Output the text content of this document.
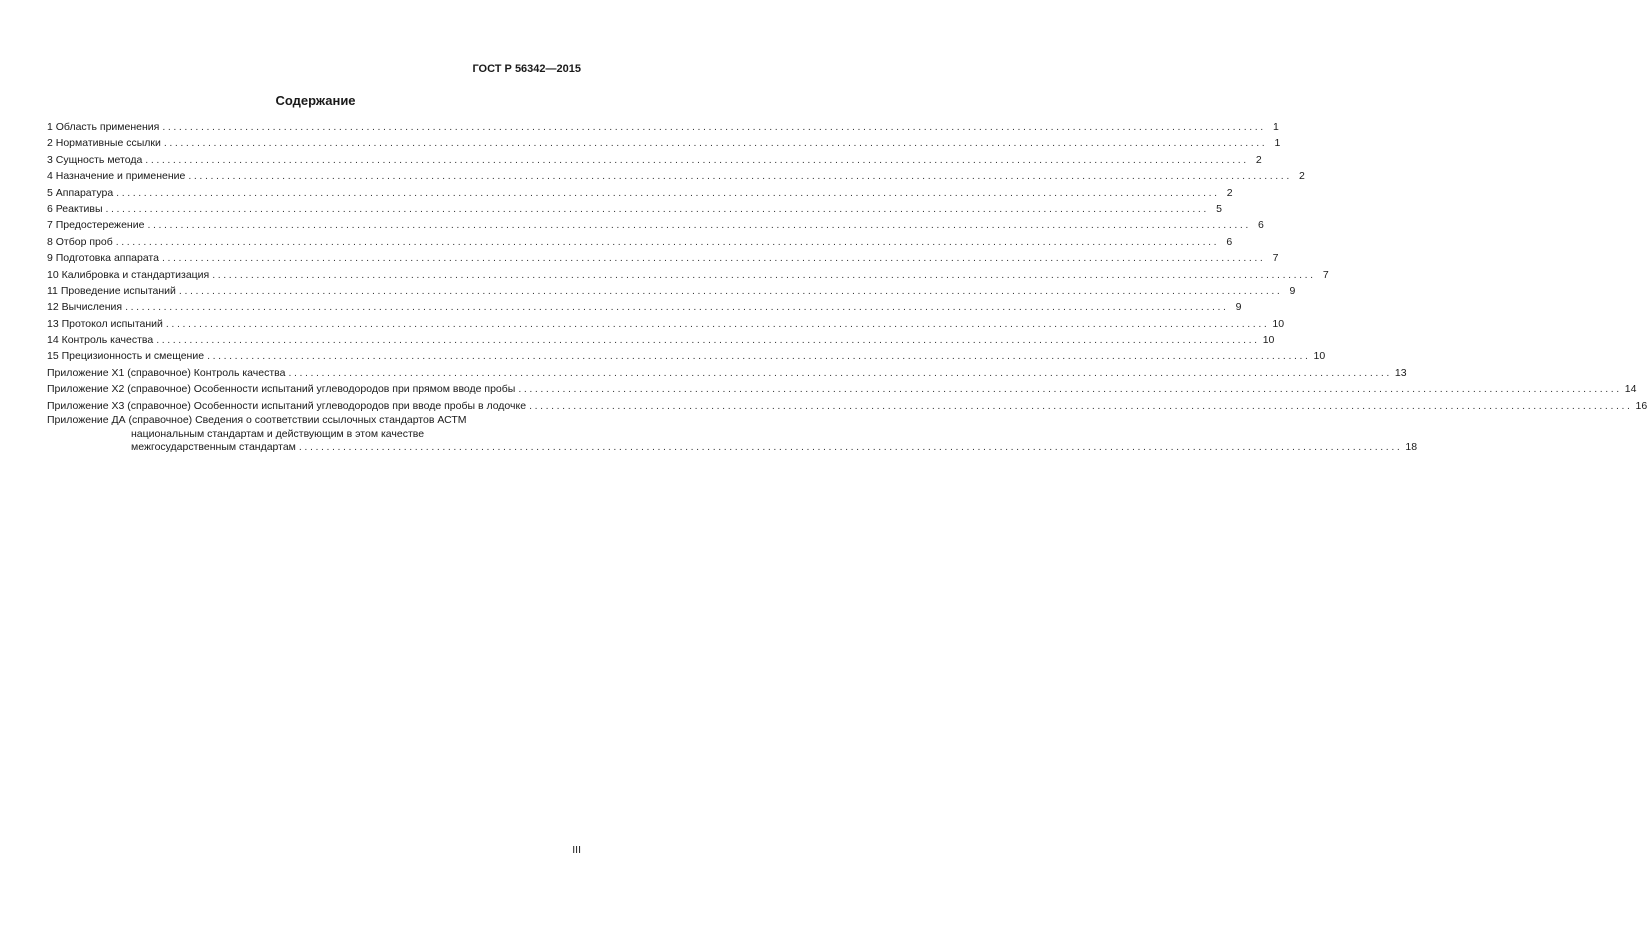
ГОСТ Р 56342—2015
Содержание
1 Область применения ........................................................................................................................................................................................................ 1
2 Нормативные ссылки ........................................................................................................................................................................................................ 1
3 Сущность метода ........................................................................................................................................................................................................ 2
4 Назначение и применение ........................................................................................................................................................................................................ 2
5 Аппаратура ........................................................................................................................................................................................................ 2
6 Реактивы ........................................................................................................................................................................................................ 5
7 Предостережение ........................................................................................................................................................................................................ 6
8 Отбор проб ........................................................................................................................................................................................................ 6
9 Подготовка аппарата ........................................................................................................................................................................................................ 7
10 Калибровка и стандартизация ........................................................................................................................................................................................................ 7
11 Проведение испытаний ........................................................................................................................................................................................................ 9
12 Вычисления ........................................................................................................................................................................................................ 9
13 Протокол испытаний ........................................................................................................................................................................................................ 10
14 Контроль качества ........................................................................................................................................................................................................ 10
15 Прецизионность и смещение ........................................................................................................................................................................................................ 10
Приложение Х1 (справочное) Контроль качества ........................................................................................................................................................................................................ 13
Приложение Х2 (справочное) Особенности испытаний углеводородов при прямом вводе пробы ........................................................................................................................................................................................................ 14
Приложение Х3 (справочное) Особенности испытаний углеводородов при вводе пробы в лодочке ........................................................................................................................................................................................................ 16
Приложение ДА (справочное) Сведения о соответствии ссылочных стандартов АСТМ
национальным стандартам и действующим в этом качестве
межгосударственным стандартам ........................................................................................................................................................................................................ 18
III
